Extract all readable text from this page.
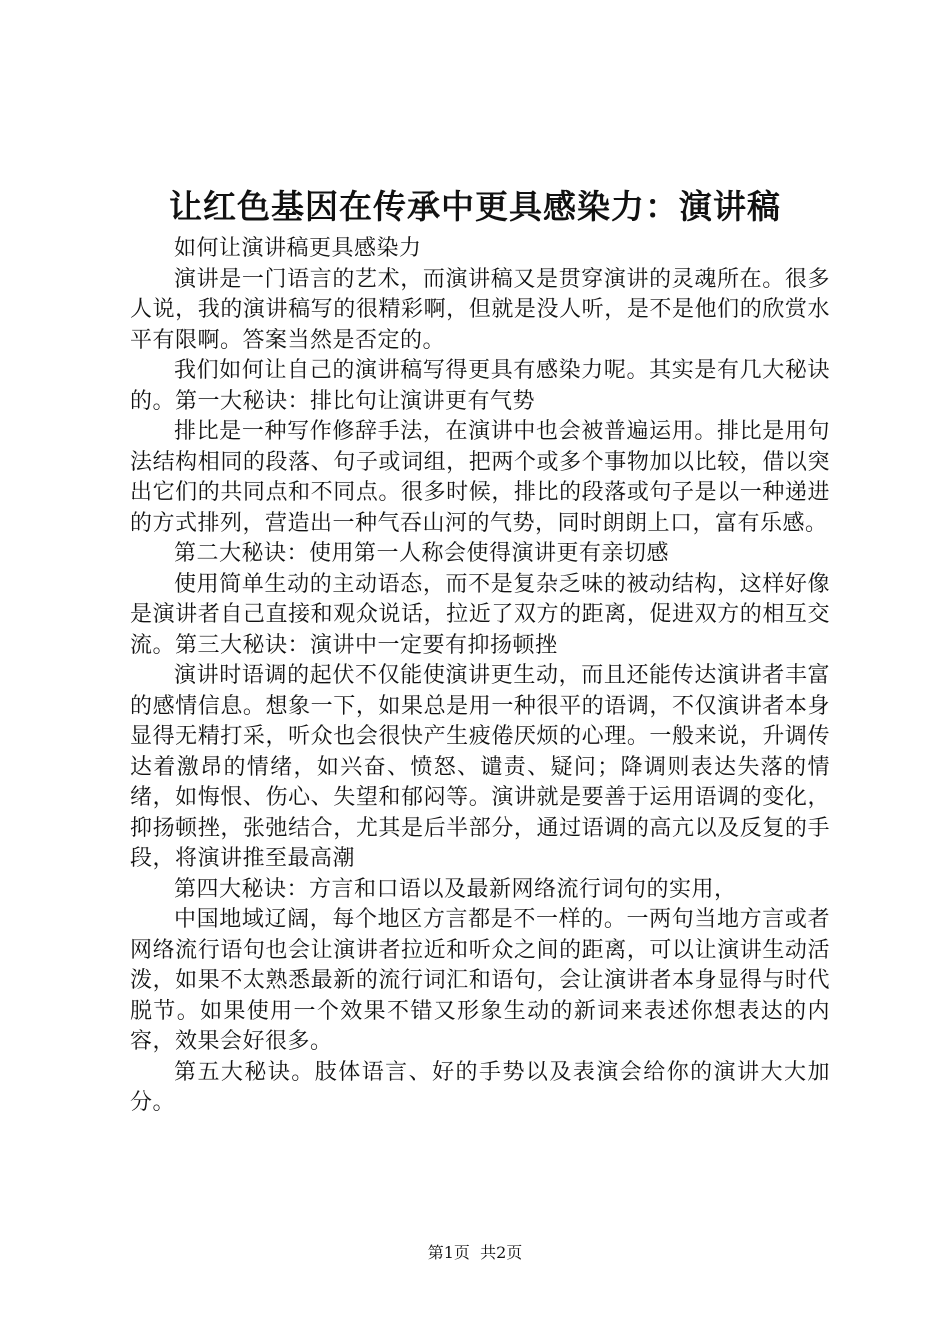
让红色基因在传承中更具感染力：演讲稿

如何让演讲稿更具感染力

演讲是一门语言的艺术，而演讲稿又是贯穿演讲的灵魂所在。很多人说，我的演讲稿写的很精彩啊，但就是没人听，是不是他们的欣赏水平有限啊。答案当然是否定的。

我们如何让自己的演讲稿写得更具有感染力呢。其实是有几大秘诀的。第一大秘诀：排比句让演讲更有气势

排比是一种写作修辞手法，在演讲中也会被普遍运用。排比是用句法结构相同的段落、句子或词组，把两个或多个事物加以比较，借以突出它们的共同点和不同点。很多时候，排比的段落或句子是以一种递进的方式排列，营造出一种气吞山河的气势，同时朗朗上口，富有乐感。

第二大秘诀：使用第一人称会使得演讲更有亲切感

使用简单生动的主动语态，而不是复杂乏味的被动结构，这样好像是演讲者自己直接和观众说话，拉近了双方的距离，促进双方的相互交流。第三大秘诀：演讲中一定要有抑扬顿挫

演讲时语调的起伏不仅能使演讲更生动，而且还能传达演讲者丰富的感情信息。想象一下，如果总是用一种很平的语调，不仅演讲者本身显得无精打采，听众也会很快产生疲倦厌烦的心理。一般来说，升调传达着激昂的情绪，如兴奋、愤怒、谴责、疑问；降调则表达失落的情绪，如悔恨、伤心、失望和郁闷等。演讲就是要善于运用语调的变化，抑扬顿挫，张弛结合，尤其是后半部分，通过语调的高亢以及反复的手段，将演讲推至最高潮

第四大秘诀：方言和口语以及最新网络流行词句的实用，

中国地域辽阔，每个地区方言都是不一样的。一两句当地方言或者网络流行语句也会让演讲者拉近和听众之间的距离，可以让演讲生动活泼，如果不太熟悉最新的流行词汇和语句，会让演讲者本身显得与时代脱节。如果使用一个效果不错又形象生动的新词来表述你想表达的内容，效果会好很多。

第五大秘诀。肢体语言、好的手势以及表演会给你的演讲大大加分。

第1页 共2页
